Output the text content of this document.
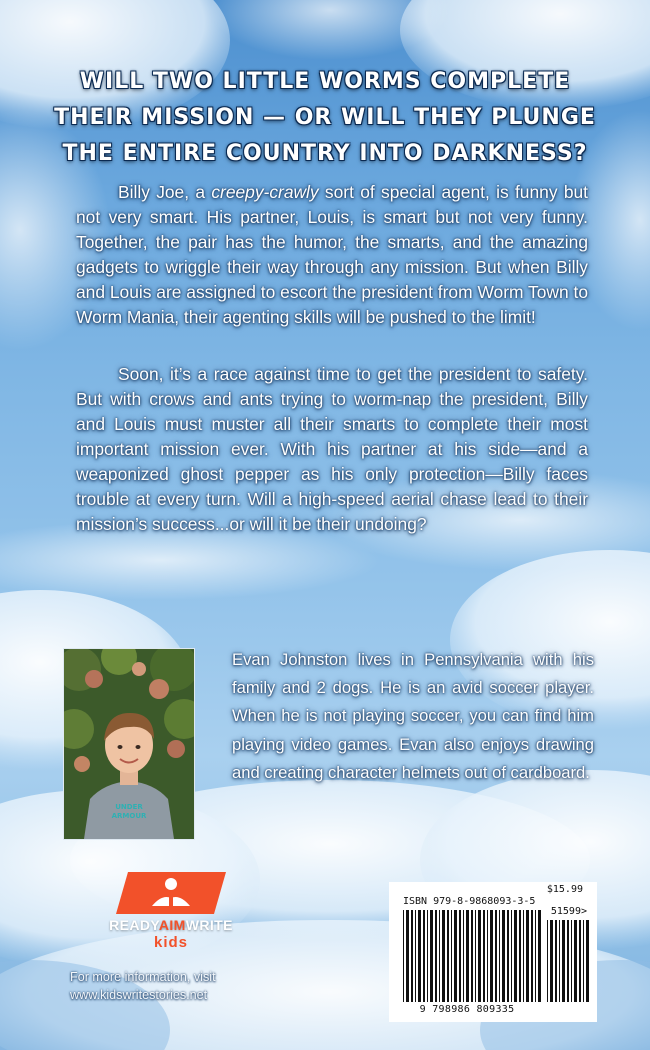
WILL TWO LITTLE WORMS COMPLETE THEIR MISSION — OR WILL THEY PLUNGE THE ENTIRE COUNTRY INTO DARKNESS?

Billy Joe, a creepy-crawly sort of special agent, is funny but not very smart. His partner, Louis, is smart but not very funny. Together, the pair has the humor, the smarts, and the amazing gadgets to wriggle their way through any mission. But when Billy and Louis are assigned to escort the president from Worm Town to Worm Mania, their agenting skills will be pushed to the limit!

Soon, it’s a race against time to get the president to safety. But with crows and ants trying to worm-nap the president, Billy and Louis must muster all their smarts to complete their most important mission ever. With his partner at his side—and a weaponized ghost pepper as his only protection—Billy faces trouble at every turn. Will a high-speed aerial chase lead to their mission’s success...or will it be their undoing?

UNDER
ARMOUR

Evan Johnston lives in Pennsylvania with his family and 2 dogs. He is an avid soccer player. When he is not playing soccer, you can find him playing video games. Evan also enjoys drawing and creating character helmets out of cardboard.

READYAIMWRITE
kids
For more information, visit
www.kidswritestories.net
$15.99
ISBN 979-8-9868093-3-5
51599>
9 798986 809335
